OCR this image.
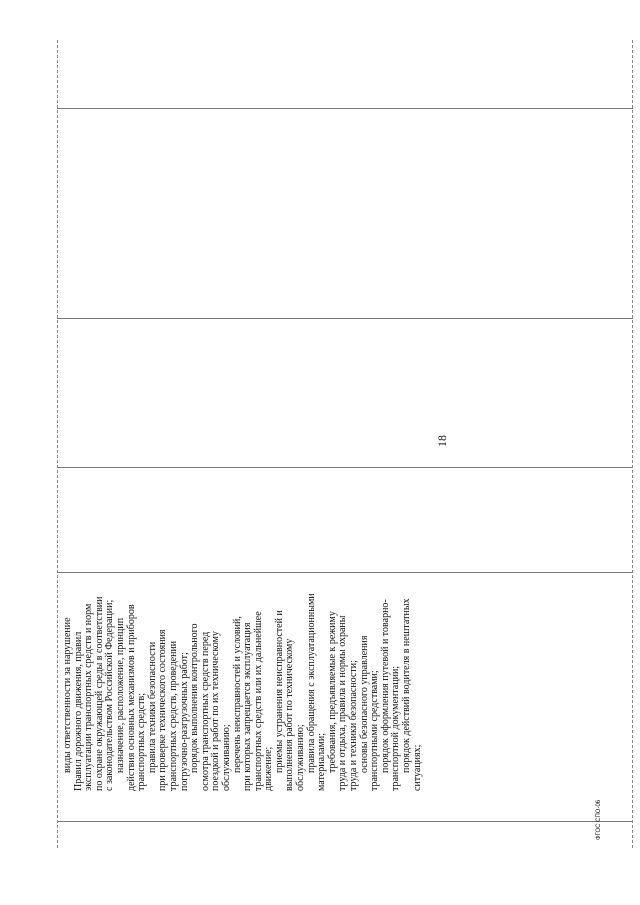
виды ответственности за нарушение Правил дорожного движения, правил эксплуатации транспортных средств и норм по охране окружающей среды в соответствии с законодательством Российской Федерации; назначение, расположение, принцип действия основных механизмов и приборов транспортных средств; правила техники безопасности при проверке технического состояния транспортных средств, проведении погрузочно-разгрузочных работ; порядок выполнения контрольного осмотра транспортных средств перед поездкой и работ по их техническому обслуживанию; перечень неисправностей и условий, при которых запрещается эксплуатация транспортных средств или их дальнейшее движение; приемы устранения неисправностей и выполнения работ по техническому обслуживанию; правила обращения с эксплуатационными материалами; требования, предъявляемые к режиму труда и отдыха, правила и нормы охраны труда и техники безопасности; основы безопасного управления транспортными средствами; порядок оформления путевой и товарно- транспортной документации; порядок действий водителя в нештатных ситуациях;
18
ФГОС СПО-06
